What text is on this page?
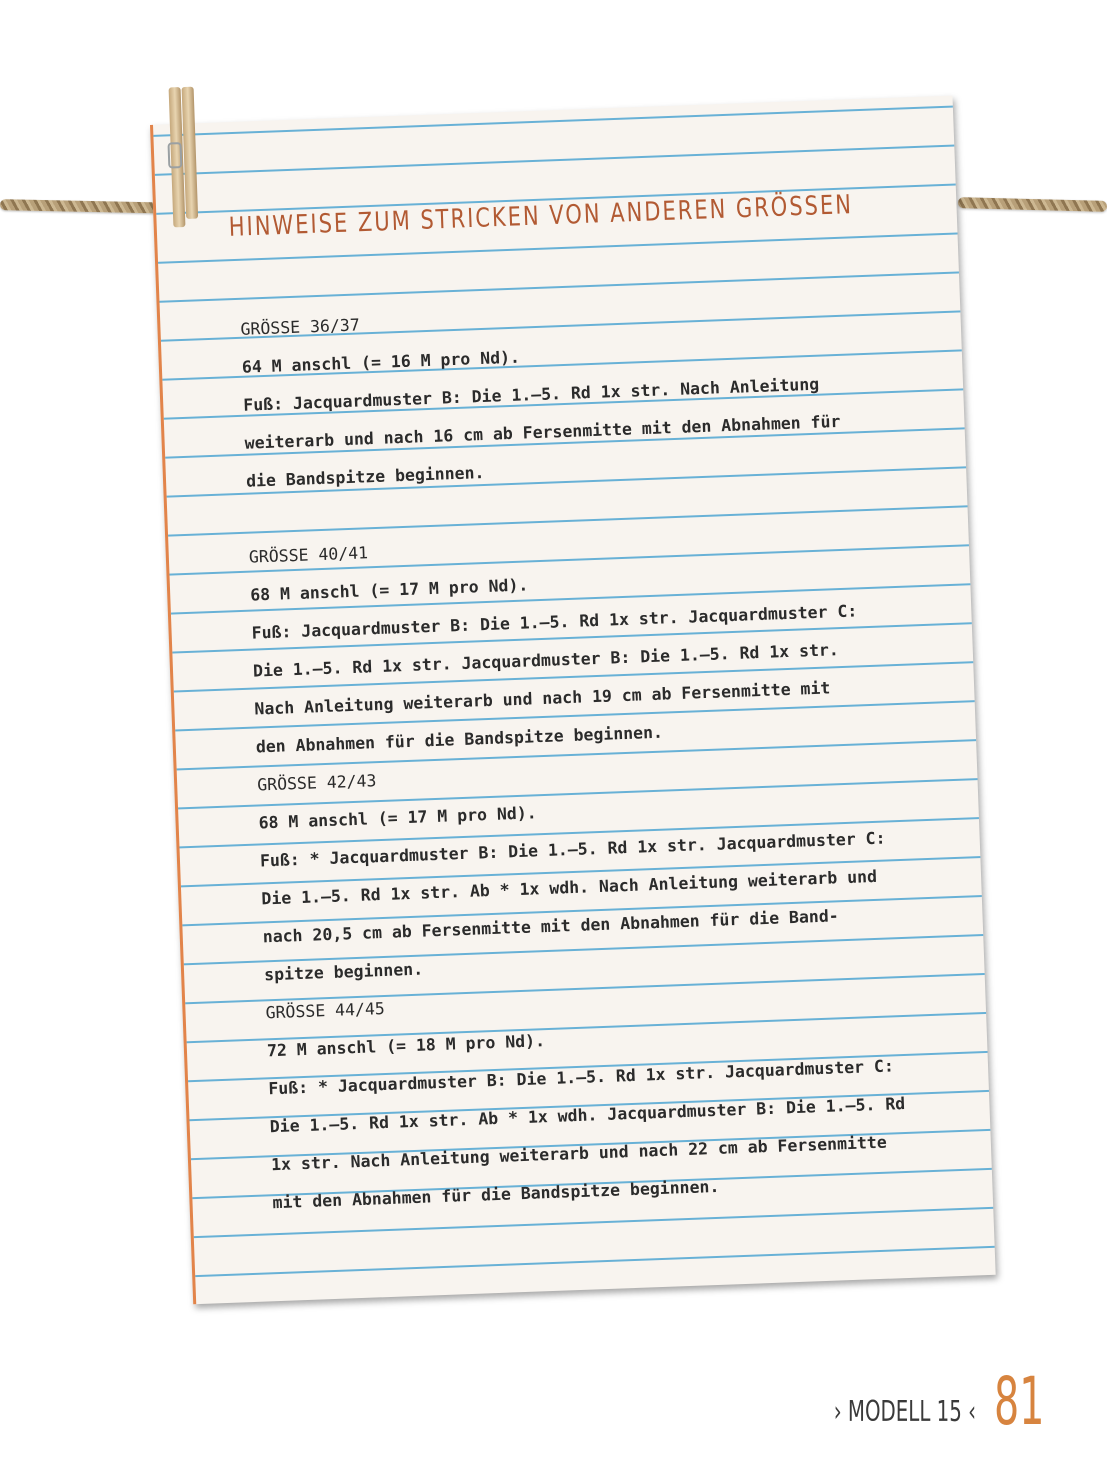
HINWEISE ZUM STRICKEN VON ANDEREN GRÖSSEN
GRÖSSE 36/37
64 M anschl (= 16 M pro Nd).
Fuß: Jacquardmuster B: Die 1.–5. Rd 1x str. Nach Anleitung
weiterarb und nach 16 cm ab Fersenmitte mit den Abnahmen für
die Bandspitze beginnen.
GRÖSSE 40/41
68 M anschl (= 17 M pro Nd).
Fuß: Jacquardmuster B: Die 1.–5. Rd 1x str. Jacquardmuster C:
Die 1.–5. Rd 1x str. Jacquardmuster B: Die 1.–5. Rd 1x str.
Nach Anleitung weiterarb und nach 19 cm ab Fersenmitte mit
den Abnahmen für die Bandspitze beginnen.
GRÖSSE 42/43
68 M anschl (= 17 M pro Nd).
Fuß: * Jacquardmuster B: Die 1.–5. Rd 1x str. Jacquardmuster C:
Die 1.–5. Rd 1x str. Ab * 1x wdh. Nach Anleitung weiterarb und
nach 20,5 cm ab Fersenmitte mit den Abnahmen für die Band-
spitze beginnen.
GRÖSSE 44/45
72 M anschl (= 18 M pro Nd).
Fuß: * Jacquardmuster B: Die 1.–5. Rd 1x str. Jacquardmuster C:
Die 1.–5. Rd 1x str. Ab * 1x wdh. Jacquardmuster B: Die 1.–5. Rd
1x str. Nach Anleitung weiterarb und nach 22 cm ab Fersenmitte
mit den Abnahmen für die Bandspitze beginnen.
› MODELL 15 ‹ 81
